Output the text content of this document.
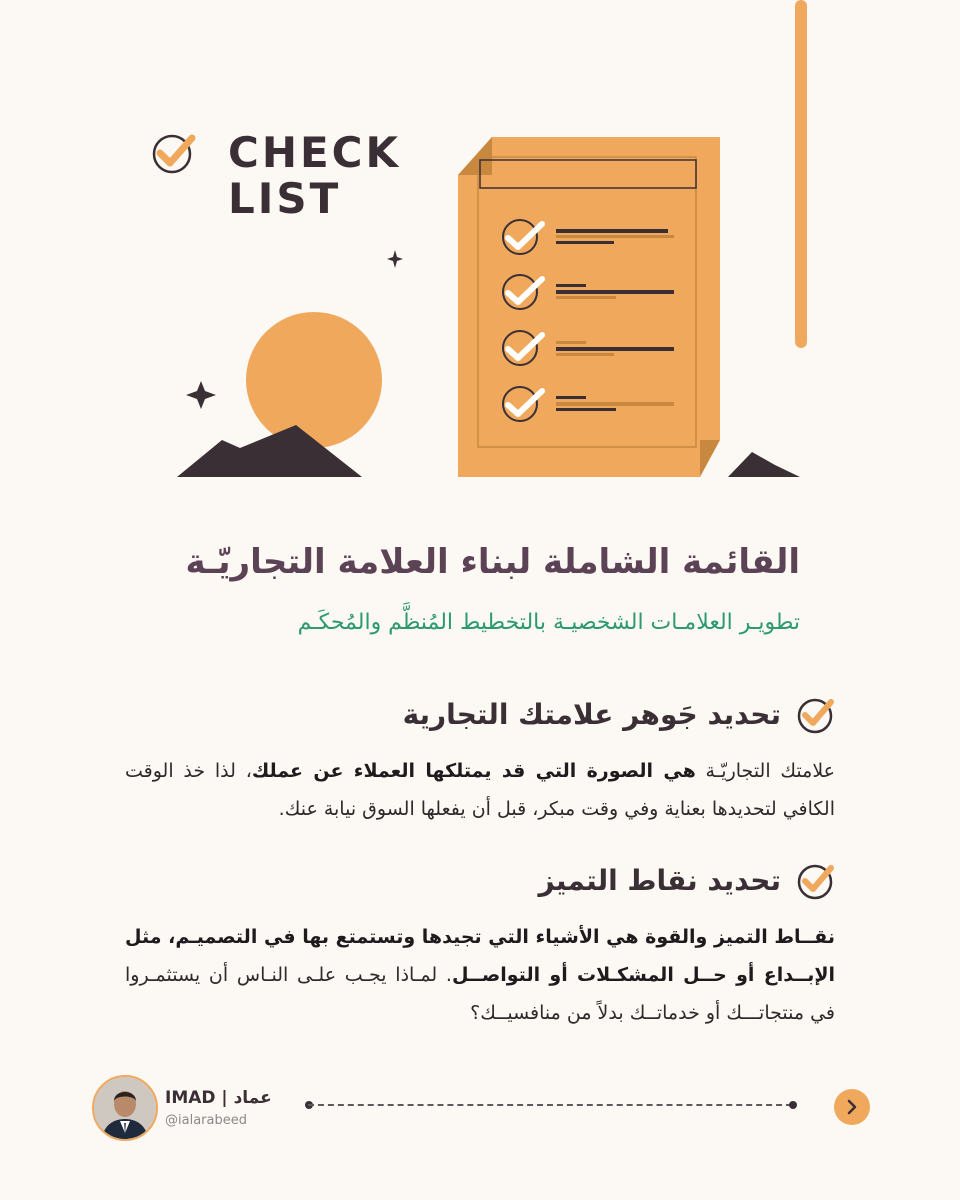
CHECK
LIST
القائمة الشاملة لبناء العلامة التجاريّـة
تطويـر العلامـات الشخصيـة بالتخطيط المُنظَّم والمُحكَـم
تحديد جَوهر علامتك التجارية
علامتك التجاريّـة هي الصورة التي قد يمتلكها العملاء عن عملك، لذا خذ الوقت الكافي لتحديدها بعناية وفي وقت مبكر، قبل أن يفعلها السوق نيابة عنك.
تحديد نقاط التميز
نقــاط التميز والقوة هي الأشياء التي تجيدها وتستمتع بها في التصميـم، مثل الإبــداع أو حــل المشكـلات أو التواصــل. لمـاذا يجـب علـى النـاس أن يستثمـروا في منتجاتـــك أو خدماتــك بدلاً من منافسيــك؟
IMAD | عماد
@ialarabeed
